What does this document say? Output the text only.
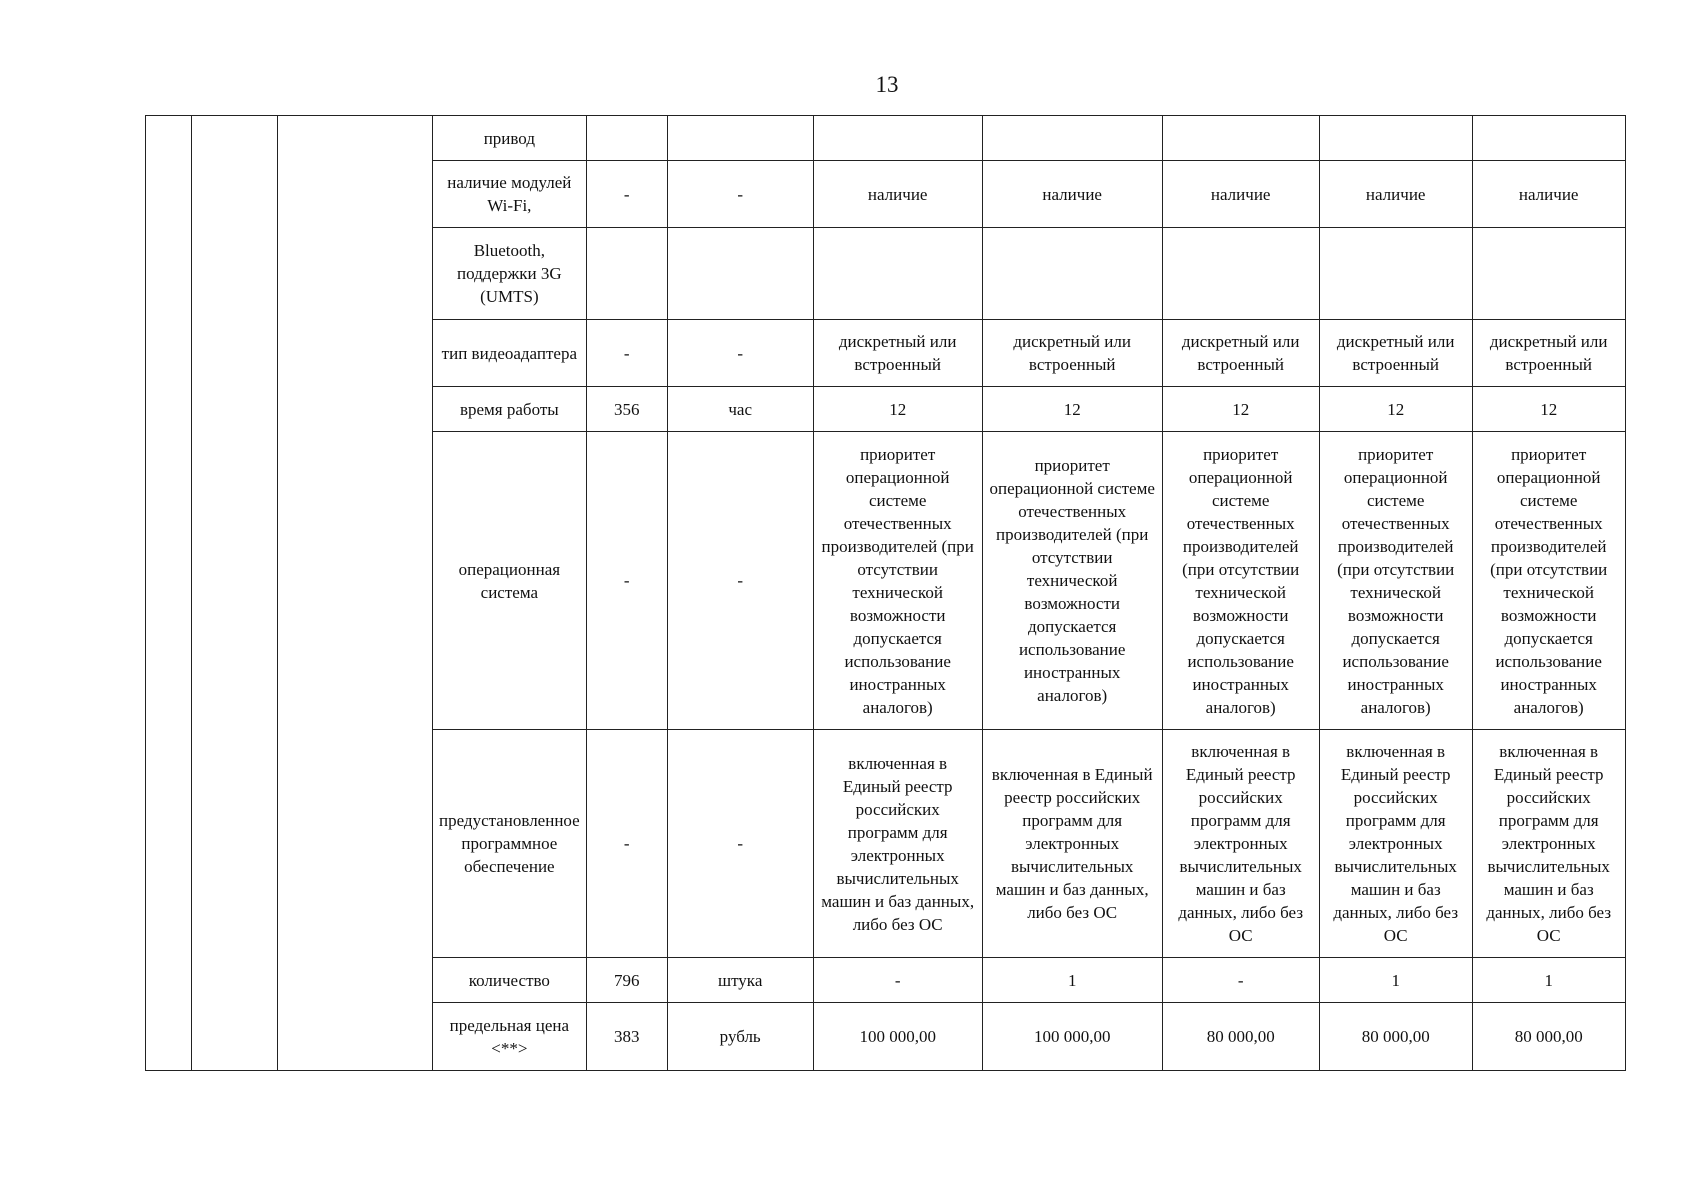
13
			привод							
			наличие модулей Wi-Fi,	-	-	наличие	наличие	наличие	наличие	наличие
			Bluetooth, поддержки 3G (UMTS)							
			тип видеоадаптера	-	-	дискретный или встроенный	дискретный или встроенный	дискретный или встроенный	дискретный или встроенный	дискретный или встроенный
			время работы	356	час	12	12	12	12	12
			операционная система	-	-	приоритет операционной системе отечественных производителей (при отсутствии технической возможности допускается использование иностранных аналогов)	приоритет операционной системе отечественных производителей (при отсутствии технической возможности допускается использование иностранных аналогов)	приоритет операционной системе отечественных производителей (при отсутствии технической возможности допускается использование иностранных аналогов)	приоритет операционной системе отечественных производителей (при отсутствии технической возможности допускается использование иностранных аналогов)	приоритет операционной системе отечественных производителей (при отсутствии технической возможности допускается использование иностранных аналогов)
			предустановленное программное обеспечение	-	-	включенная в Единый реестр российских программ для электронных вычислительных машин и баз данных, либо без ОС	включенная в Единый реестр российских программ для электронных вычислительных машин и баз данных, либо без ОС	включенная в Единый реестр российских программ для электронных вычислительных машин и баз данных, либо без ОС	включенная в Единый реестр российских программ для электронных вычислительных машин и баз данных, либо без ОС	включенная в Единый реестр российских программ для электронных вычислительных машин и баз данных, либо без ОС
			количество	796	штука	-	1	-	1	1
			предельная цена <**>	383	рубль	100 000,00	100 000,00	80 000,00	80 000,00	80 000,00
